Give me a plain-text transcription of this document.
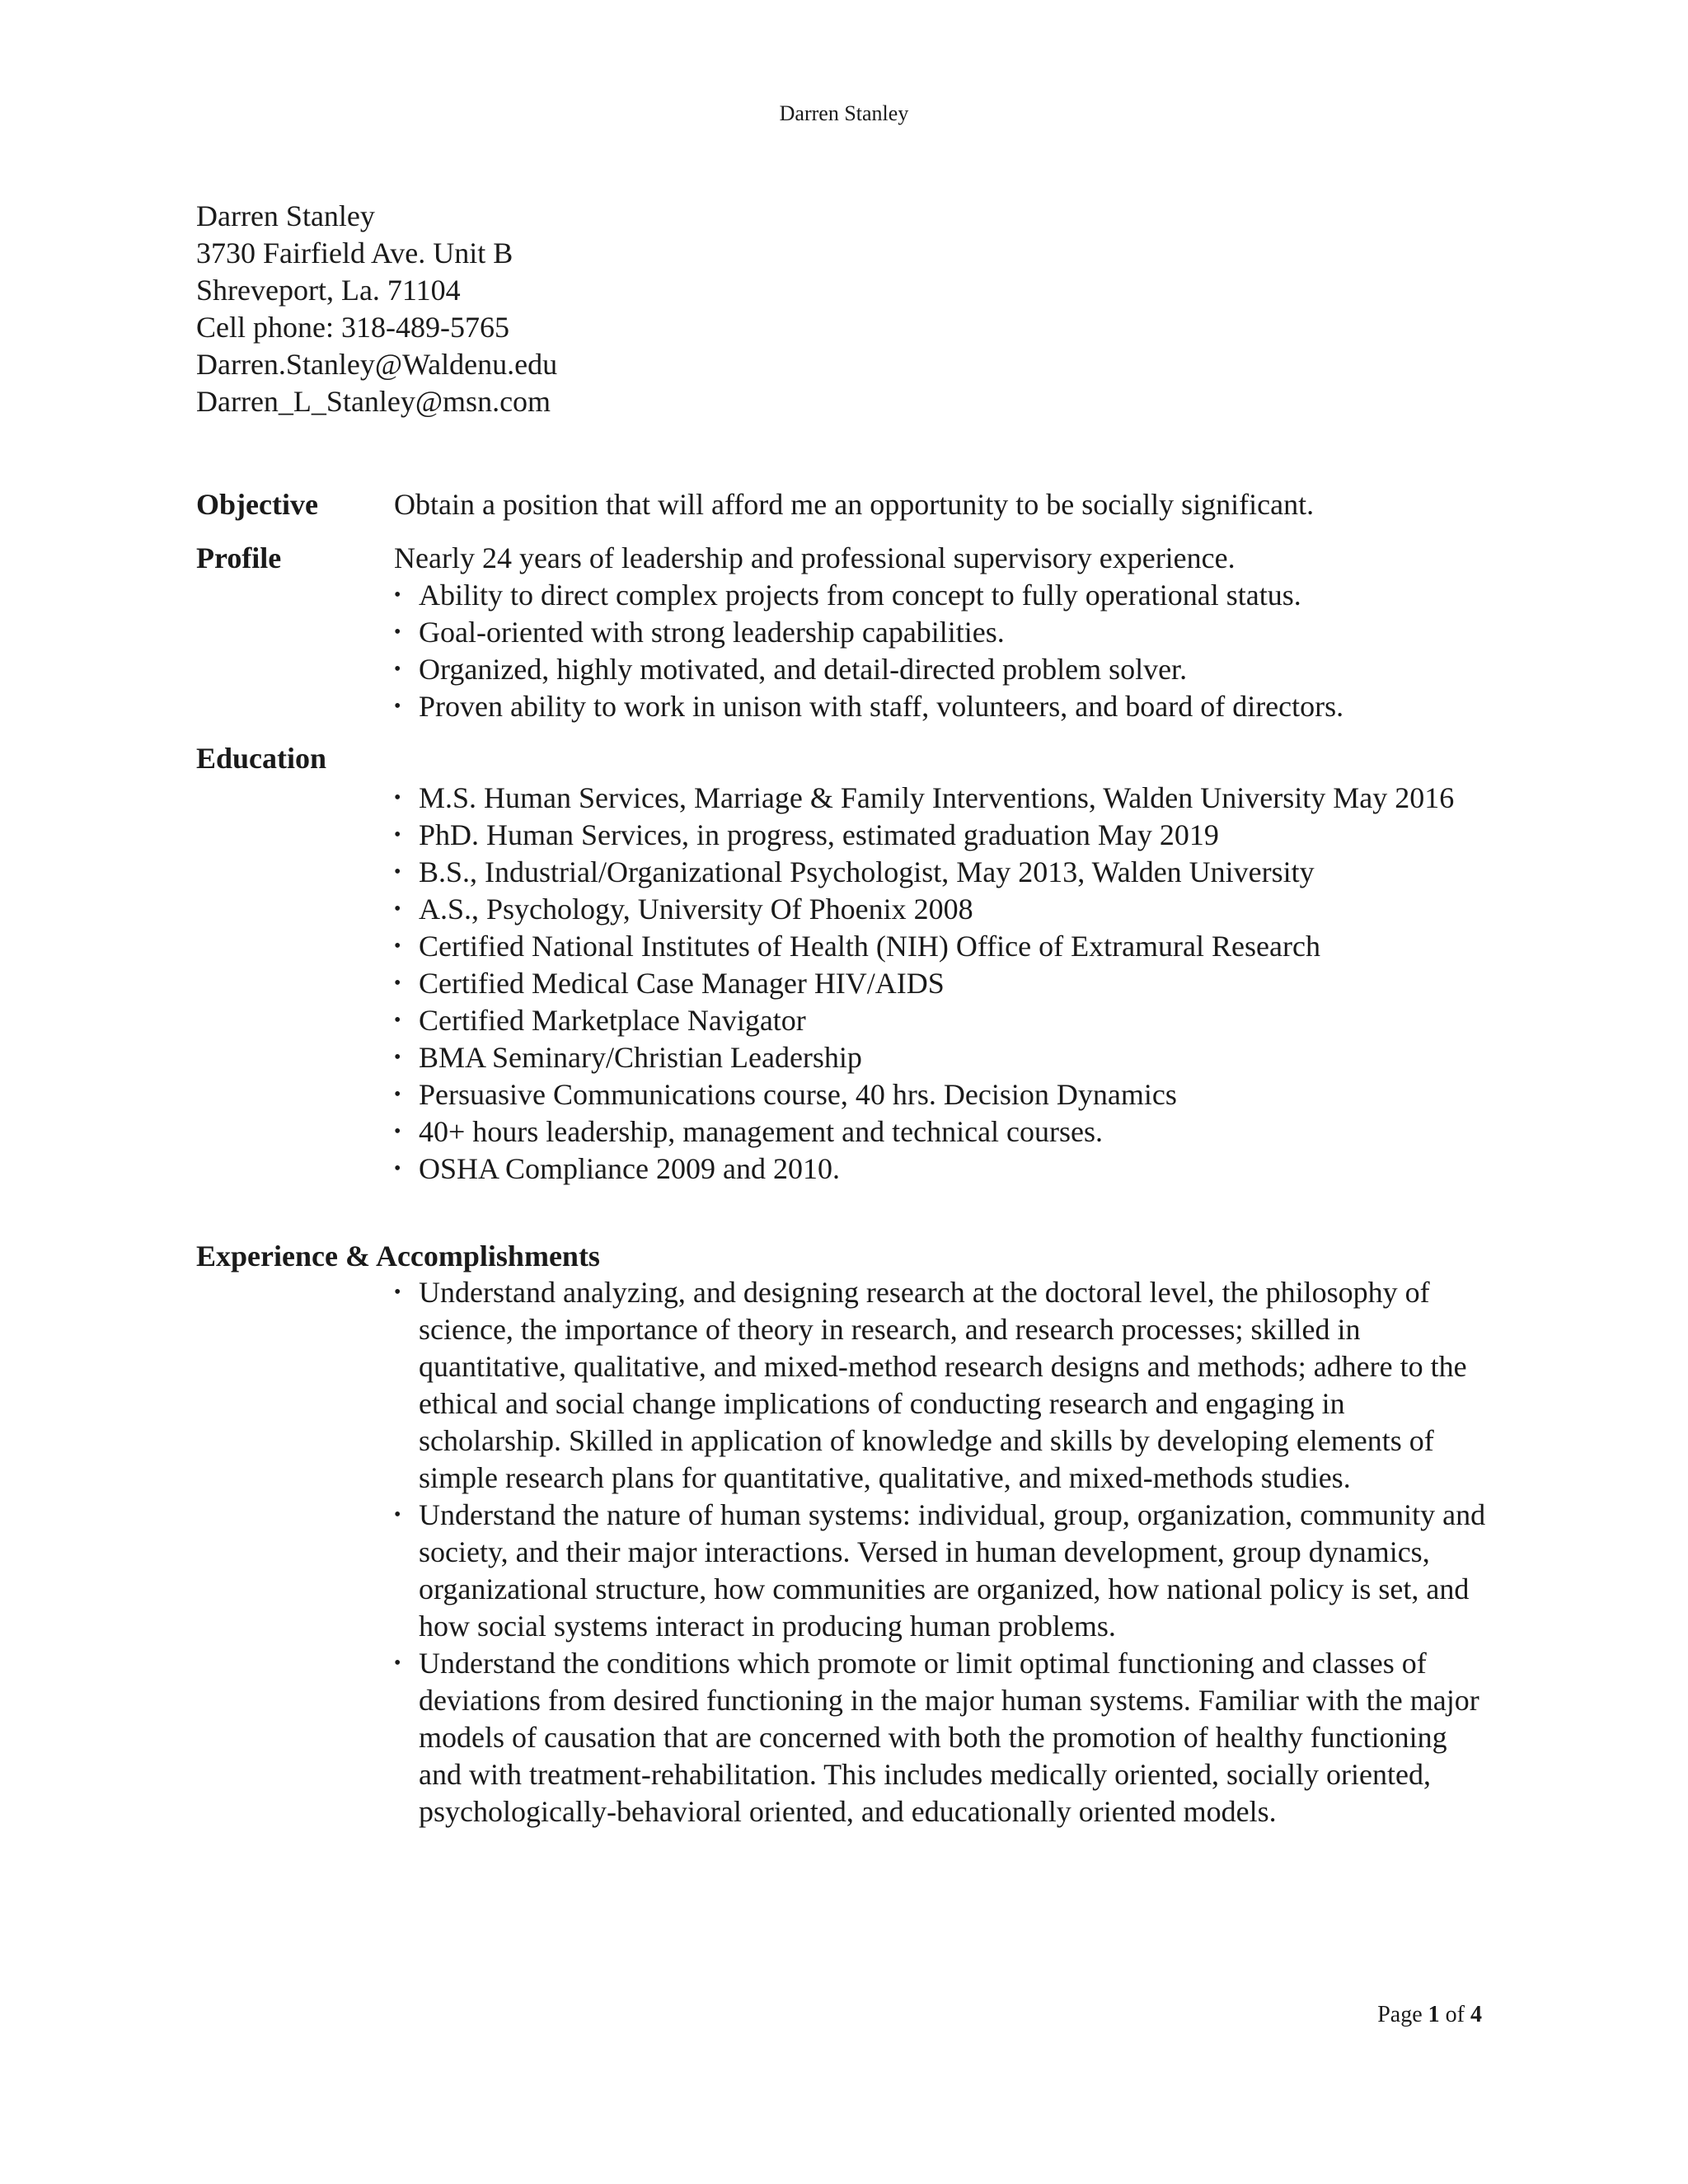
Darren Stanley
Darren Stanley
3730 Fairfield Ave. Unit B
Shreveport, La. 71104
Cell phone: 318-489-5765
Darren.Stanley@Waldenu.edu
Darren_L_Stanley@msn.com
Objective	Obtain a position that will afford me an opportunity to be socially significant.
Profile	Nearly 24 years of leadership and professional supervisory experience.
• Ability to direct complex projects from concept to fully operational status.
• Goal-oriented with strong leadership capabilities.
• Organized, highly motivated, and detail-directed problem solver.
• Proven ability to work in unison with staff, volunteers, and board of directors.
Education
• M.S. Human Services, Marriage & Family Interventions, Walden University May 2016
• PhD. Human Services, in progress, estimated graduation May 2019
• B.S., Industrial/Organizational Psychologist, May 2013, Walden University
• A.S., Psychology, University Of Phoenix 2008
• Certified National Institutes of Health (NIH) Office of Extramural Research
• Certified Medical Case Manager HIV/AIDS
• Certified Marketplace Navigator
• BMA Seminary/Christian Leadership
• Persuasive Communications course, 40 hrs. Decision Dynamics
• 40+ hours leadership, management and technical courses.
• OSHA Compliance 2009 and 2010.
Experience & Accomplishments
• Understand analyzing, and designing research at the doctoral level, the philosophy of science, the importance of theory in research, and research processes; skilled in quantitative, qualitative, and mixed-method research designs and methods; adhere to the ethical and social change implications of conducting research and engaging in scholarship. Skilled in application of knowledge and skills by developing elements of simple research plans for quantitative, qualitative, and mixed-methods studies.
• Understand the nature of human systems: individual, group, organization, community and society, and their major interactions. Versed in human development, group dynamics, organizational structure, how communities are organized, how national policy is set, and how social systems interact in producing human problems.
• Understand the conditions which promote or limit optimal functioning and classes of deviations from desired functioning in the major human systems. Familiar with the major models of causation that are concerned with both the promotion of healthy functioning and with treatment-rehabilitation. This includes medically oriented, socially oriented, psychologically-behavioral oriented, and educationally oriented models.
Page 1 of 4
